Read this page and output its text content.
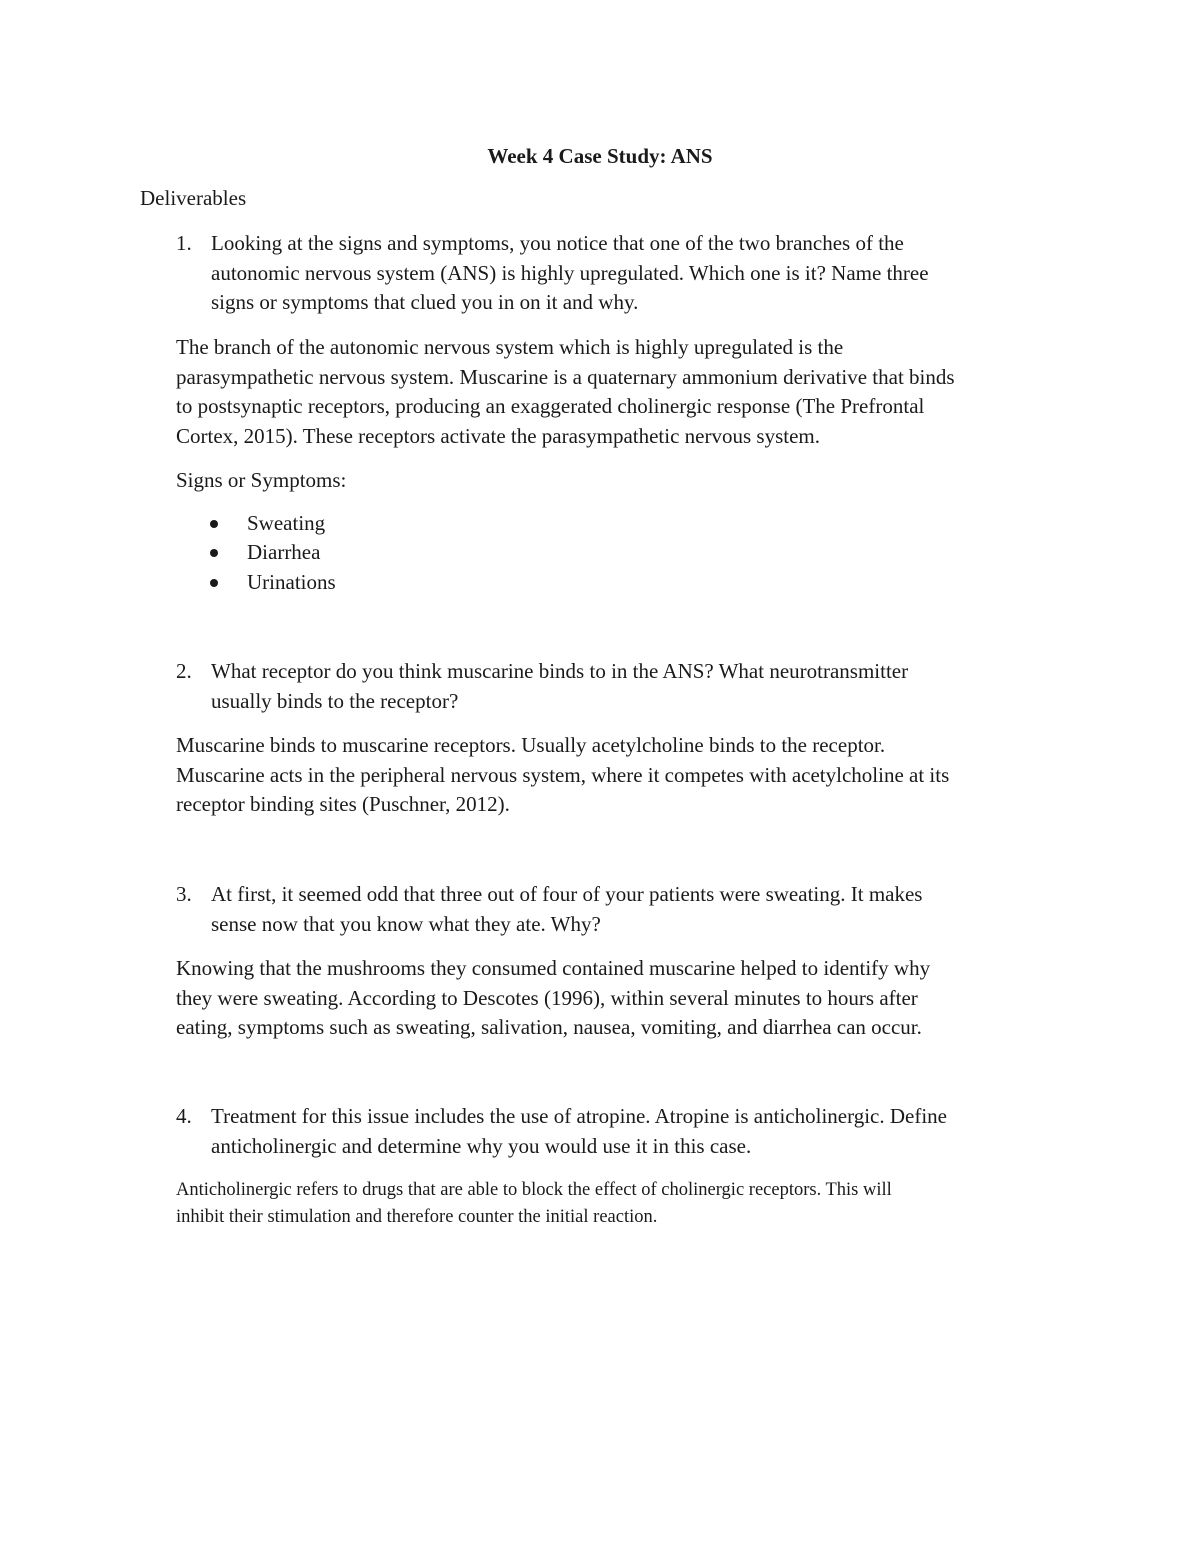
Week 4 Case Study: ANS
Deliverables
1. Looking at the signs and symptoms, you notice that one of the two branches of the
autonomic nervous system (ANS) is highly upregulated. Which one is it? Name three
signs or symptoms that clued you in on it and why.
The branch of the autonomic nervous system which is highly upregulated is the
parasympathetic nervous system. Muscarine is a quaternary ammonium derivative that binds
to postsynaptic receptors, producing an exaggerated cholinergic response (The Prefrontal
Cortex, 2015). These receptors activate the parasympathetic nervous system.
Signs or Symptoms:
Sweating
Diarrhea
Urinations
2. What receptor do you think muscarine binds to in the ANS? What neurotransmitter
usually binds to the receptor?
Muscarine binds to muscarine receptors. Usually acetylcholine binds to the receptor.
Muscarine acts in the peripheral nervous system, where it competes with acetylcholine at its
receptor binding sites (Puschner, 2012).
3. At first, it seemed odd that three out of four of your patients were sweating. It makes
sense now that you know what they ate. Why?
Knowing that the mushrooms they consumed contained muscarine helped to identify why
they were sweating. According to Descotes (1996), within several minutes to hours after
eating, symptoms such as sweating, salivation, nausea, vomiting, and diarrhea can occur.
4. Treatment for this issue includes the use of atropine. Atropine is anticholinergic. Define
anticholinergic and determine why you would use it in this case.
Anticholinergic refers to drugs that are able to block the effect of cholinergic receptors. This will
inhibit their stimulation and therefore counter the initial reaction.
